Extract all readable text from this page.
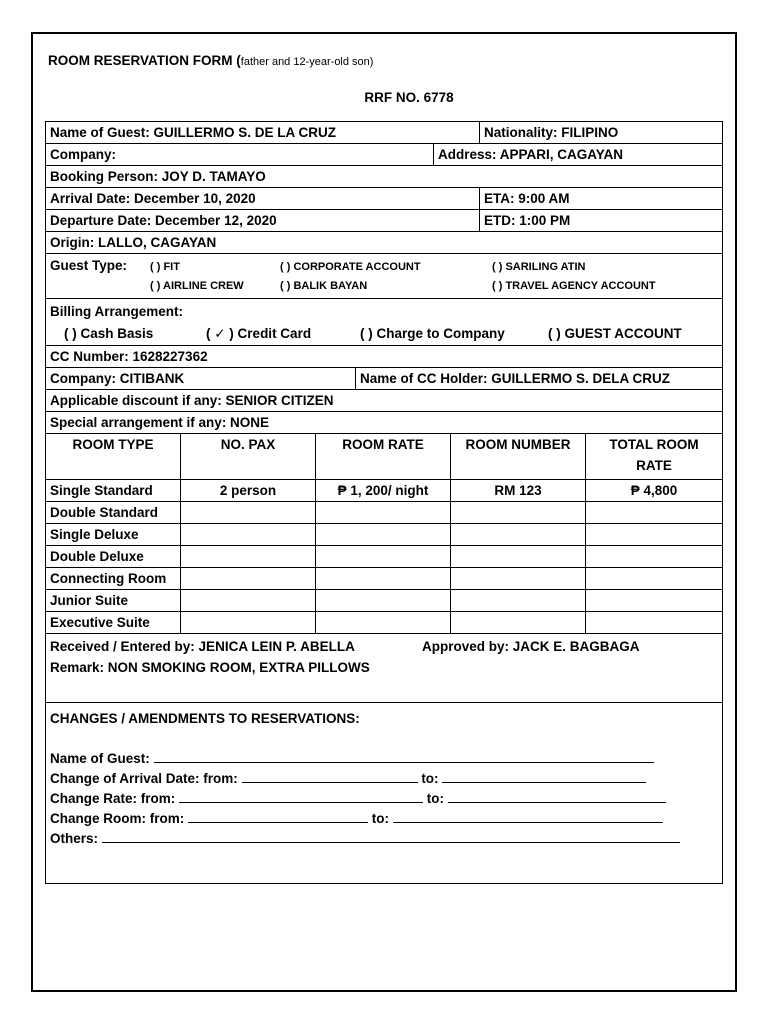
ROOM RESERVATION FORM (father and 12-year-old son)
RRF NO. 6778
Name of Guest: GUILLERMO S. DE LA CRUZ	Nationality: FILIPINO
Company:	Address: APPARI, CAGAYAN
Booking Person: JOY D. TAMAYO
Arrival Date: December 10, 2020	ETA: 9:00 AM
Departure Date: December 12, 2020	ETD: 1:00 PM
Origin: LALLO, CAGAYAN
Guest Type: ( ) FIT	( ) CORPORATE ACCOUNT	( ) SARILING ATIN
( ) AIRLINE CREW	( ) BALIK BAYAN	( ) TRAVEL AGENCY ACCOUNT
Billing Arrangement:
( ) Cash Basis	( ✓ ) Credit Card	( ) Charge to Company	( ) GUEST ACCOUNT
CC Number: 1628227362
Company: CITIBANK	Name of CC Holder: GUILLERMO S. DELA CRUZ
Applicable discount if any: SENIOR CITIZEN
Special arrangement if any: NONE
ROOM TYPE	NO. PAX	ROOM RATE	ROOM NUMBER	TOTAL ROOM RATE
Single Standard	2 person	₱ 1, 200/ night	RM 123	₱ 4,800
Double Standard
Single Deluxe
Double Deluxe
Connecting Room
Junior Suite
Executive Suite
Received / Entered by: JENICA LEIN P. ABELLA	Approved by: JACK E. BAGBAGA
Remark: NON SMOKING ROOM, EXTRA PILLOWS
CHANGES / AMENDMENTS TO RESERVATIONS:
Name of Guest:
Change of Arrival Date: from:	to:
Change Rate: from:	to:
Change Room: from:	to:
Others:
